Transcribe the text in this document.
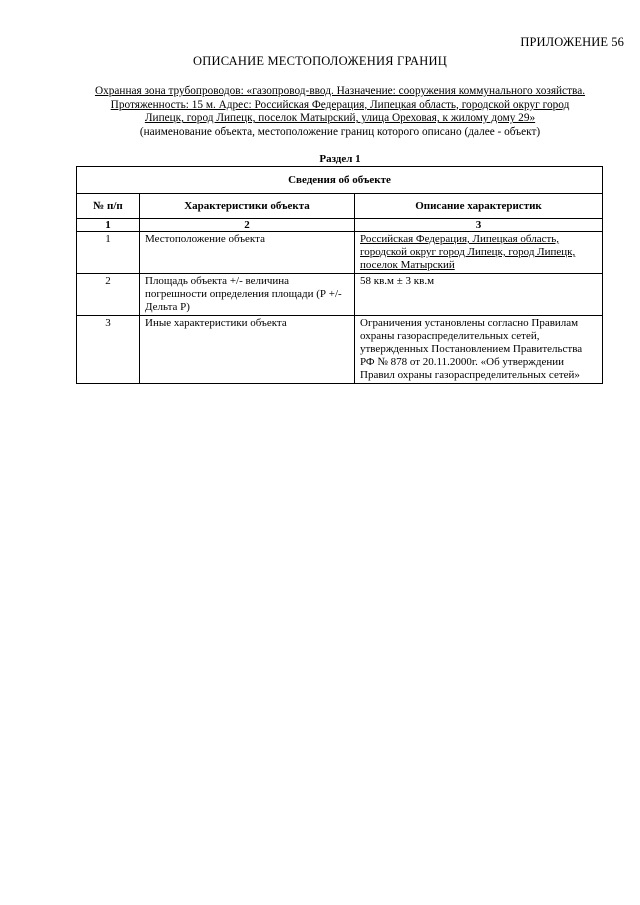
ПРИЛОЖЕНИЕ 56
ОПИСАНИЕ МЕСТОПОЛОЖЕНИЯ ГРАНИЦ
Охранная зона трубопроводов: «газопровод-ввод. Назначение: сооружения коммунального хозяйства.
Протяженность: 15 м. Адрес: Российская Федерация, Липецкая область, городской округ город
Липецк, город Липецк, поселок Матырский, улица Ореховая, к жилому дому 29»
(наименование объекта, местоположение границ которого описано (далее - объект)
Раздел 1
Сведения об объекте		
№ п/п	Характеристики объекта	Описание характеристик
1	2	3
1	Местоположение объекта	Российская Федерация, Липецкая область, городской округ город Липецк, город Липецк, поселок Матырский
2	Площадь объекта +/- величина погрешности определения площади (Р +/- Дельта Р)	58 кв.м ± 3 кв.м
3	Иные характеристики объекта	Ограничения установлены согласно Правилам охраны газораспределительных сетей, утвержденных Постановлением Правительства РФ № 878 от 20.11.2000г. «Об утверждении Правил охраны газораспределительных сетей»
